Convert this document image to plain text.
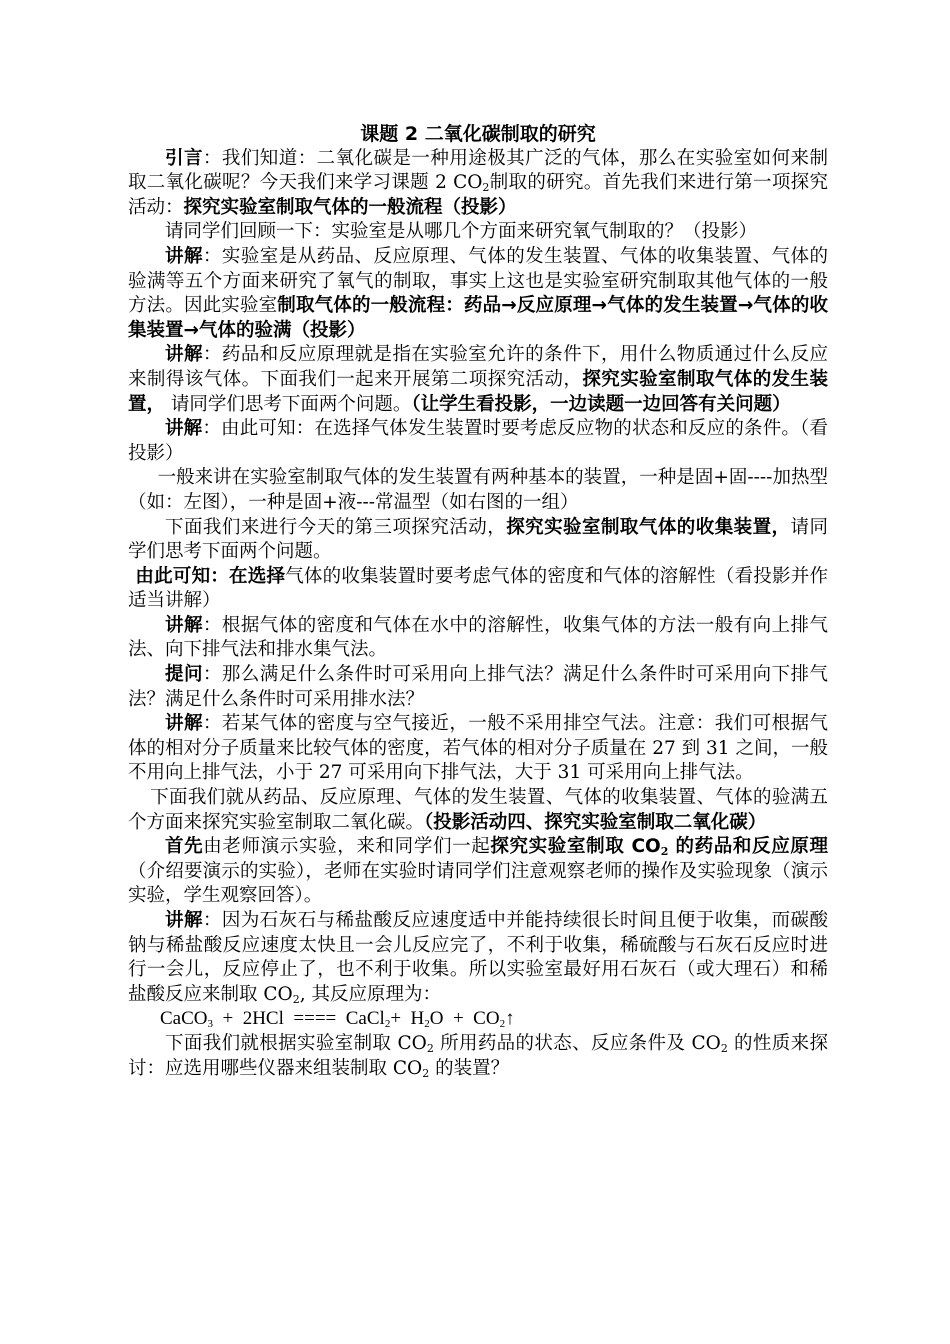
课题 2 二氧化碳制取的研究

引言：我们知道：二氧化碳是一种用途极其广泛的气体，那么在实验室如何来制取二氧化碳呢？今天我们来学习课题 2 $CO_2$制取的研究。首先我们来进行第一项探究活动：探究实验室制取气体的一般流程（投影）

请同学们回顾一下：实验室是从哪几个方面来研究氧气制取的？（投影）

讲解：实验室是从药品、反应原理、气体的发生装置、气体的收集装置、气体的验满等五个方面来研究了氧气的制取，事实上这也是实验室研究制取其他气体的一般方法。因此实验室制取气体的一般流程：药品→反应原理→气体的发生装置→气体的收集装置→气体的验满（投影）

讲解：药品和反应原理就是指在实验室允许的条件下，用什么物质通过什么反应来制得该气体。下面我们一起来开展第二项探究活动，探究实验室制取气体的发生装置， 请同学们思考下面两个问题。（让学生看投影，一边读题一边回答有关问题）

讲解：由此可知：在选择气体发生装置时要考虑反应物的状态和反应的条件。（看投影）

一般来讲在实验室制取气体的发生装置有两种基本的装置，一种是固+固----加热型（如：左图），一种是固+液---常温型（如右图的一组）

下面我们来进行今天的第三项探究活动，探究实验室制取气体的收集装置，请同学们思考下面两个问题。

由此可知：在选择气体的收集装置时要考虑气体的密度和气体的溶解性（看投影并作适当讲解）

讲解：根据气体的密度和气体在水中的溶解性，收集气体的方法一般有向上排气法、向下排气法和排水集气法。

提问：那么满足什么条件时可采用向上排气法？满足什么条件时可采用向下排气法？满足什么条件时可采用排水法？

讲解：若某气体的密度与空气接近，一般不采用排空气法。注意：我们可根据气体的相对分子质量来比较气体的密度，若气体的相对分子质量在 27 到 31 之间，一般不用向上排气法，小于 27 可采用向下排气法，大于 31 可采用向上排气法。

下面我们就从药品、反应原理、气体的发生装置、气体的收集装置、气体的验满五个方面来探究实验室制取二氧化碳。（投影活动四、探究实验室制取二氧化碳）

首先由老师演示实验，来和同学们一起探究实验室制取 $CO_2$ 的药品和反应原理（介绍要演示的实验），老师在实验时请同学们注意观察老师的操作及实验现象（演示实验，学生观察回答）。

讲解：因为石灰石与稀盐酸反应速度适中并能持续很长时间且便于收集，而碳酸钠与稀盐酸反应速度太快且一会儿反应完了，不利于收集，稀硫酸与石灰石反应时进行一会儿，反应停止了，也不利于收集。所以实验室最好用石灰石（或大理石）和稀盐酸反应来制取 $CO_2$, 其反应原理为：

CaCO$_3$  +  2HCl  ====  CaCl$_2$+  $H_2O$  +  $CO_2↑$

下面我们就根据实验室制取 $CO_2$ 所用药品的状态、反应条件及 $CO_2$ 的性质来探讨：应选用哪些仪器来组装制取 $CO_2$ 的装置？
